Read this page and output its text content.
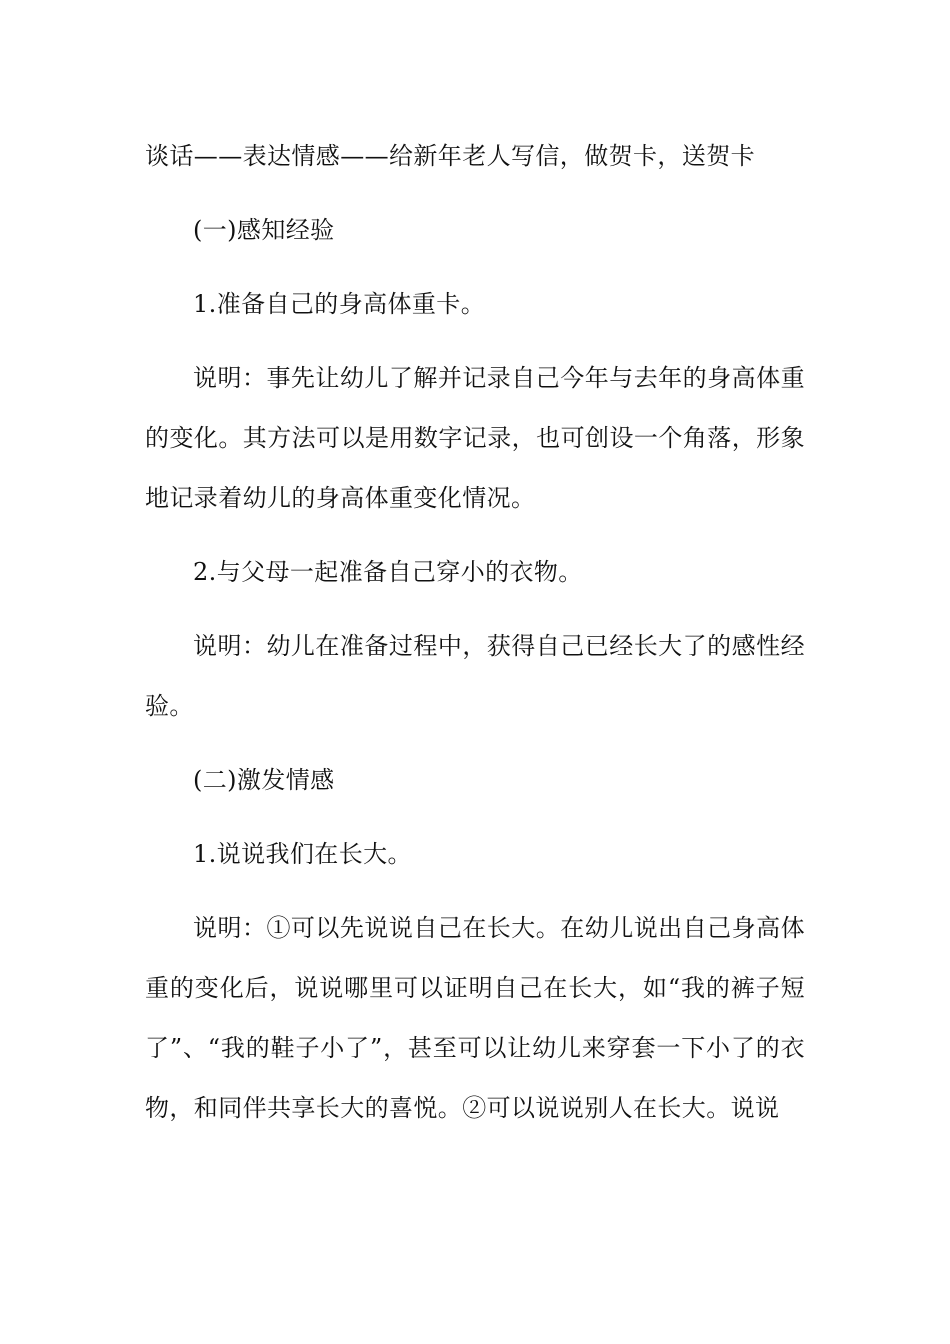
谈话——表达情感——给新年老人写信，做贺卡，送贺卡

(一)感知经验

1.准备自己的身高体重卡。

说明：事先让幼儿了解并记录自己今年与去年的身高体重的变化。其方法可以是用数字记录，也可创设一个角落，形象地记录着幼儿的身高体重变化情况。

2.与父母一起准备自己穿小的衣物。

说明：幼儿在准备过程中，获得自己已经长大了的感性经验。

(二)激发情感

1.说说我们在长大。

说明：①可以先说说自己在长大。在幼儿说出自己身高体重的变化后，说说哪里可以证明自己在长大，如“我的裤子短了”、“我的鞋子小了”，甚至可以让幼儿来穿套一下小了的衣物，和同伴共享长大的喜悦。②可以说说别人在长大。说说
